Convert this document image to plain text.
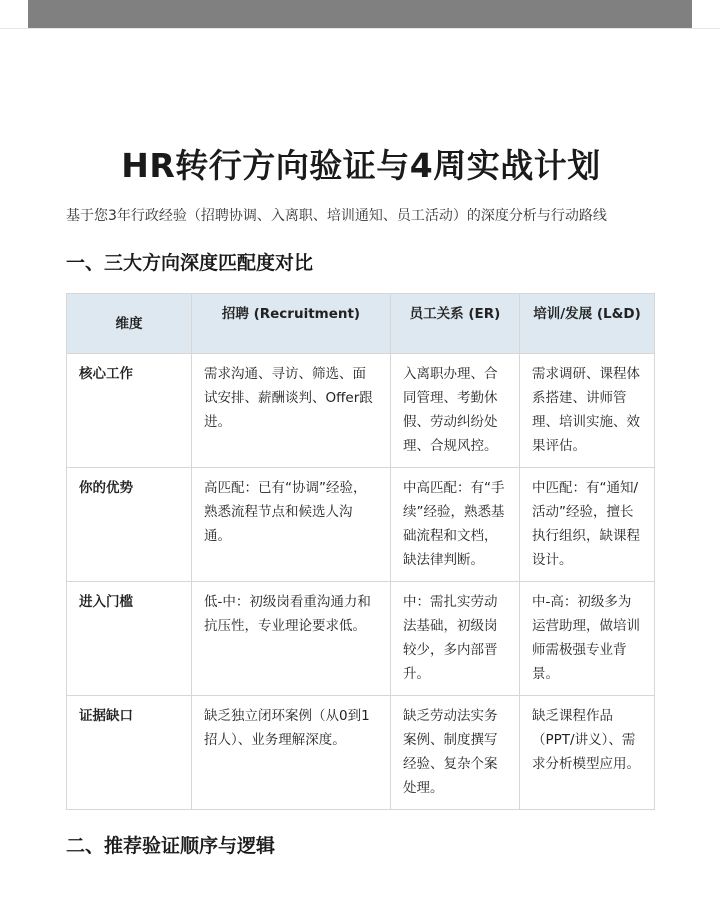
HR转行方向验证与4周实战计划

基于您3年行政经验（招聘协调、入离职、培训通知、员工活动）的深度分析与行动路线

一、三大方向深度匹配度对比
维度	招聘 (Recruitment)	员工关系 (ER)	培训/发展 (L&D)
核心工作	需求沟通、寻访、筛选、面试安排、薪酬谈判、Offer跟进。	入离职办理、合同管理、考勤休假、劳动纠纷处理、合规风控。	需求调研、课程体系搭建、讲师管理、培训实施、效果评估。
你的优势	高匹配：已有“协调”经验，熟悉流程节点和候选人沟通。	中高匹配：有“手续”经验，熟悉基础流程和文档，缺法律判断。	中匹配：有“通知/活动”经验，擅长执行组织，缺课程设计。
进入门槛	低-中：初级岗看重沟通力和抗压性，专业理论要求低。	中：需扎实劳动法基础，初级岗较少，多内部晋升。	中-高：初级多为运营助理，做培训师需极强专业背景。
证据缺口	缺乏独立闭环案例（从0到1招人）、业务理解深度。	缺乏劳动法实务案例、制度撰写经验、复杂个案处理。	缺乏课程作品（PPT/讲义）、需求分析模型应用。
二、推荐验证顺序与逻辑
